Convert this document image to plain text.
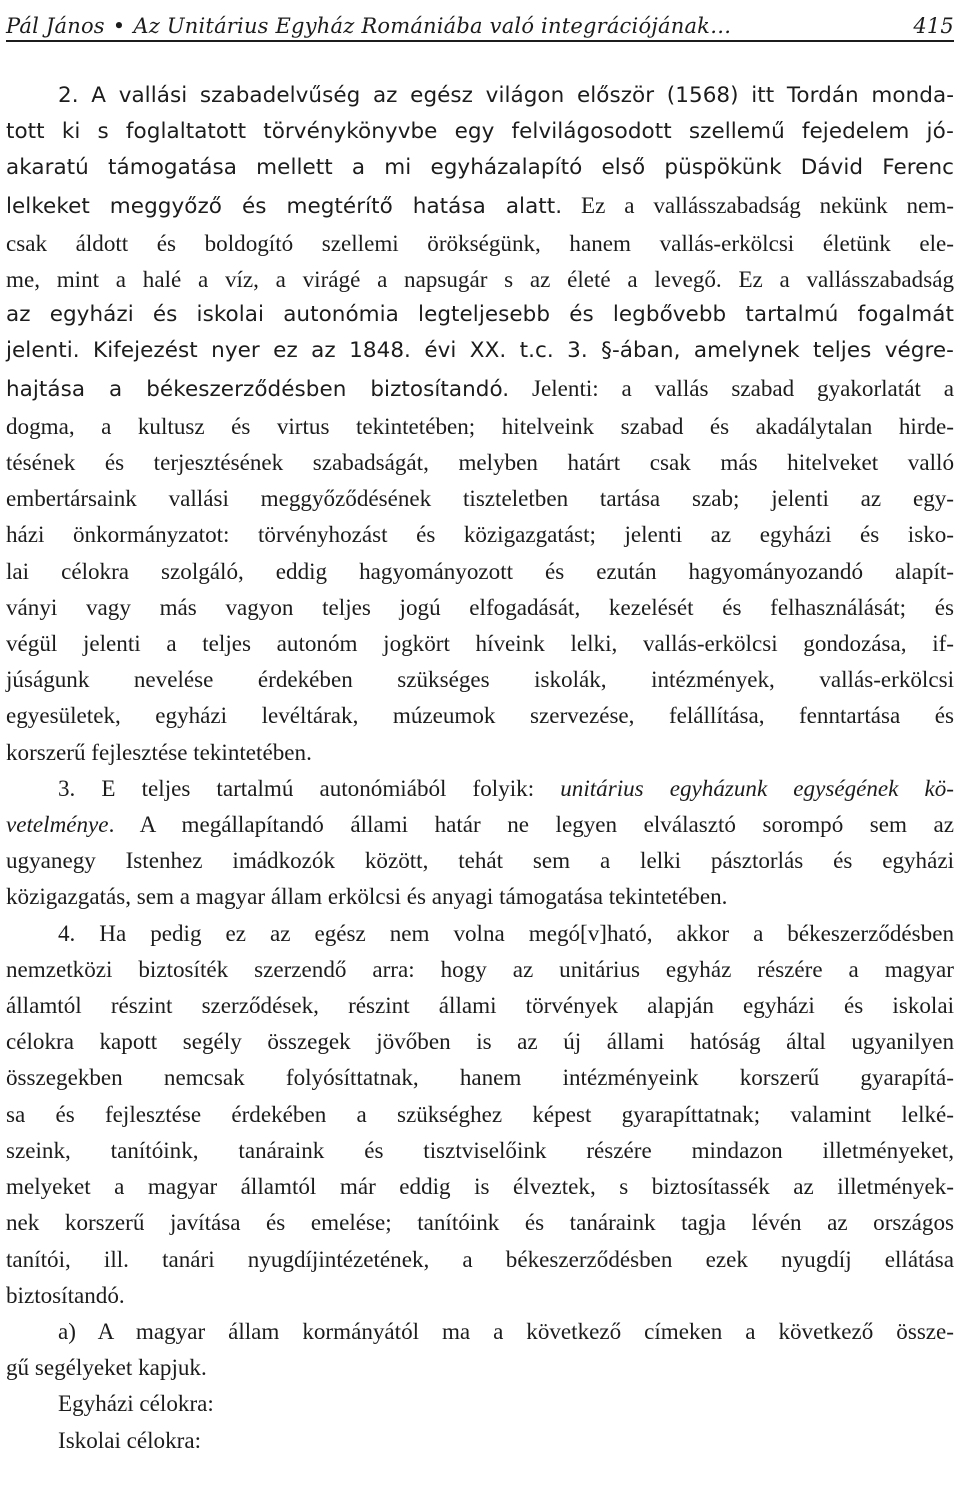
Pál János • Az Unitárius Egyház Romániába való integrációjának…	415
2. A vallási szabadelvűség az egész világon először (1568) itt Tordán monda-
tott ki s foglaltatott törvénykönyvbe egy felvilágosodott szellemű fejedelem jó-
akaratú támogatása mellett a mi egyházalapító első püspökünk Dávid Ferenc
lelkeket meggyőző és megtérítő hatása alatt. Ez a vallásszabadság nekünk nem-
csak áldott és boldogító szellemi örökségünk, hanem vallás-erkölcsi életünk ele-
me, mint a halé a víz, a virágé a napsugár s az életé a levegő. Ez a vallásszabadság
az egyházi és iskolai autonómia legteljesebb és legbővebb tartalmú fogalmát
jelenti. Kifejezést nyer ez az 1848. évi XX. t.c. 3. §-ában, amelynek teljes végre-
hajtása a békeszerződésben biztosítandó. Jelenti: a vallás szabad gyakorlatát a
dogma, a kultusz és virtus tekintetében; hitelveink szabad és akadálytalan hirde-
tésének és terjesztésének szabadságát, melyben határt csak más hitelveket valló
embertársaink vallási meggyőződésének tiszteletben tartása szab; jelenti az egy-
házi önkormányzatot: törvényhozást és közigazgatást; jelenti az egyházi és isko-
lai célokra szolgáló, eddig hagyományozott és ezután hagyományozandó alapít-
ványi vagy más vagyon teljes jogú elfogadását, kezelését és felhasználását; és
végül jelenti a teljes autonóm jogkört híveink lelki, vallás-erkölcsi gondozása, if-
júságunk nevelése érdekében szükséges iskolák, intézmények, vallás-erkölcsi
egyesületek, egyházi levéltárak, múzeumok szervezése, felállítása, fenntartása és
korszerű fejlesztése tekintetében.
3. E teljes tartalmú autonómiából folyik: unitárius egyházunk egységének kö-
vetelménye. A megállapítandó állami határ ne legyen elválasztó sorompó sem az
ugyanegy Istenhez imádkozók között, tehát sem a lelki pásztorlás és egyházi
közigazgatás, sem a magyar állam erkölcsi és anyagi támogatása tekintetében.
4. Ha pedig ez az egész nem volna megó[v]ható, akkor a békeszerződésben
nemzetközi biztosíték szerzendő arra: hogy az unitárius egyház részére a magyar
államtól részint szerződések, részint állami törvények alapján egyházi és iskolai
célokra kapott segély összegek jövőben is az új állami hatóság által ugyanilyen
összegekben nemcsak folyósíttatnak, hanem intézményeink korszerű gyarapítá-
sa és fejlesztése érdekében a szükséghez képest gyarapíttatnak; valamint lelké-
szeink, tanítóink, tanáraink és tisztviselőink részére mindazon illetményeket,
melyeket a magyar államtól már eddig is élveztek, s biztosítassék az illetmények-
nek korszerű javítása és emelése; tanítóink és tanáraink tagja lévén az országos
tanítói, ill. tanári nyugdíjintézetének, a békeszerződésben ezek nyugdíj ellátása
biztosítandó.
a) A magyar állam kormányától ma a következő címeken a következő össze-
gű segélyeket kapjuk.
Egyházi célokra:
Iskolai célokra:
